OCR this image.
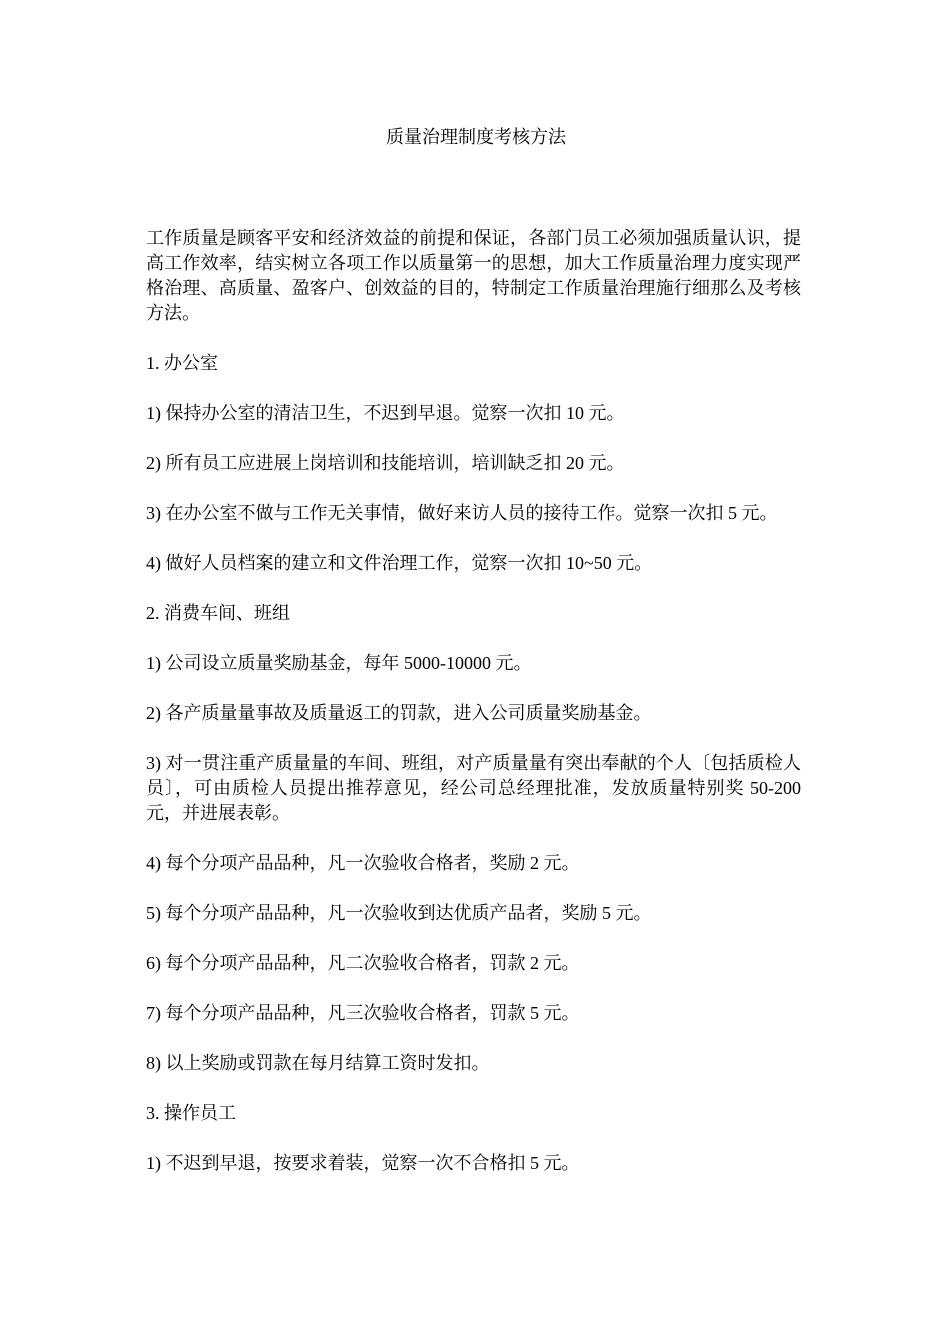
质量治理制度考核方法

工作质量是顾客平安和经济效益的前提和保证，各部门员工必须加强质量认识，提高工作效率，结实树立各项工作以质量第一的思想，加大工作质量治理力度实现严格治理、高质量、盈客户、创效益的目的，特制定工作质量治理施行细那么及考核方法。

1. 办公室

1) 保持办公室的清洁卫生，不迟到早退。觉察一次扣 10 元。

2) 所有员工应进展上岗培训和技能培训，培训缺乏扣 20 元。

3) 在办公室不做与工作无关事情，做好来访人员的接待工作。觉察一次扣 5 元。

4) 做好人员档案的建立和文件治理工作，觉察一次扣 10~50 元。

2. 消费车间、班组

1) 公司设立质量奖励基金，每年 5000-10000 元。

2) 各产质量量事故及质量返工的罚款，进入公司质量奖励基金。

3) 对一贯注重产质量量的车间、班组，对产质量量有突出奉献的个人〔包括质检人员〕，可由质检人员提出推荐意见，经公司总经理批准，发放质量特别奖 50-200 元，并进展表彰。

4) 每个分项产品品种，凡一次验收合格者，奖励 2 元。

5) 每个分项产品品种，凡一次验收到达优质产品者，奖励 5 元。

6) 每个分项产品品种，凡二次验收合格者，罚款 2 元。

7) 每个分项产品品种，凡三次验收合格者，罚款 5 元。

8) 以上奖励或罚款在每月结算工资时发扣。

3. 操作员工

1) 不迟到早退，按要求着装，觉察一次不合格扣 5 元。
